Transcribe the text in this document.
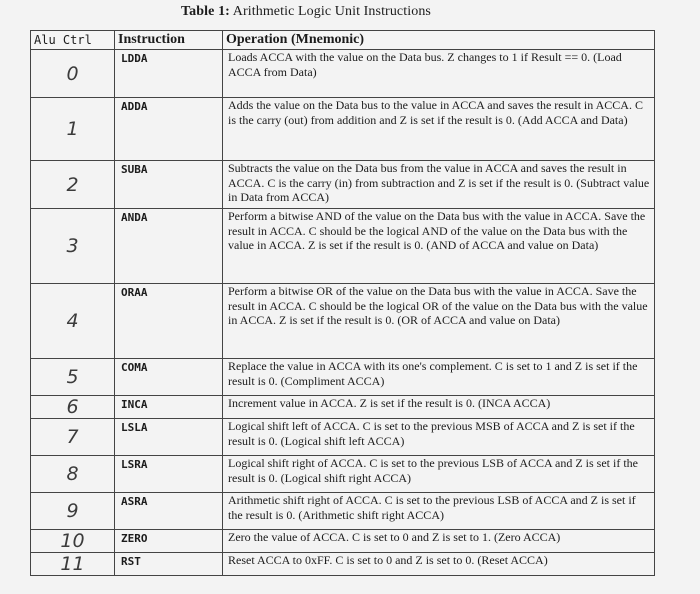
Table 1: Arithmetic Logic Unit Instructions
Alu Ctrl	Instruction	Operation (Mnemonic)
0	LDDA	Loads ACCA with the value on the Data bus. Z changes to 1 if Result == 0. (Load ACCA from Data)
1	ADDA	Adds the value on the Data bus to the value in ACCA and saves the result in ACCA. C is the carry (out) from addition and Z is set if the result is 0. (Add ACCA and Data)
2	SUBA	Subtracts the value on the Data bus from the value in ACCA and saves the result in ACCA. C is the carry (in) from subtraction and Z is set if the result is 0. (Subtract value in Data from ACCA)
3	ANDA	Perform a bitwise AND of the value on the Data bus with the value in ACCA. Save the result in ACCA. C should be the logical AND of the value on the Data bus with the value in ACCA. Z is set if the result is 0. (AND of ACCA and value on Data)
4	ORAA	Perform a bitwise OR of the value on the Data bus with the value in ACCA. Save the result in ACCA. C should be the logical OR of the value on the Data bus with the value in ACCA. Z is set if the result is 0. (OR of ACCA and value on Data)
5	COMA	Replace the value in ACCA with its one's complement. C is set to 1 and Z is set if the result is 0. (Compliment ACCA)
6	INCA	Increment value in ACCA. Z is set if the result is 0. (INCA ACCA)
7	LSLA	Logical shift left of ACCA. C is set to the previous MSB of ACCA and Z is set if the result is 0. (Logical shift left ACCA)
8	LSRA	Logical shift right of ACCA. C is set to the previous LSB of ACCA and Z is set if the result is 0. (Logical shift right ACCA)
9	ASRA	Arithmetic shift right of ACCA. C is set to the previous LSB of ACCA and Z is set if the result is 0. (Arithmetic shift right ACCA)
10	ZERO	Zero the value of ACCA. C is set to 0 and Z is set to 1. (Zero ACCA)
11	RST	Reset ACCA to 0xFF. C is set to 0 and Z is set to 0. (Reset ACCA)
